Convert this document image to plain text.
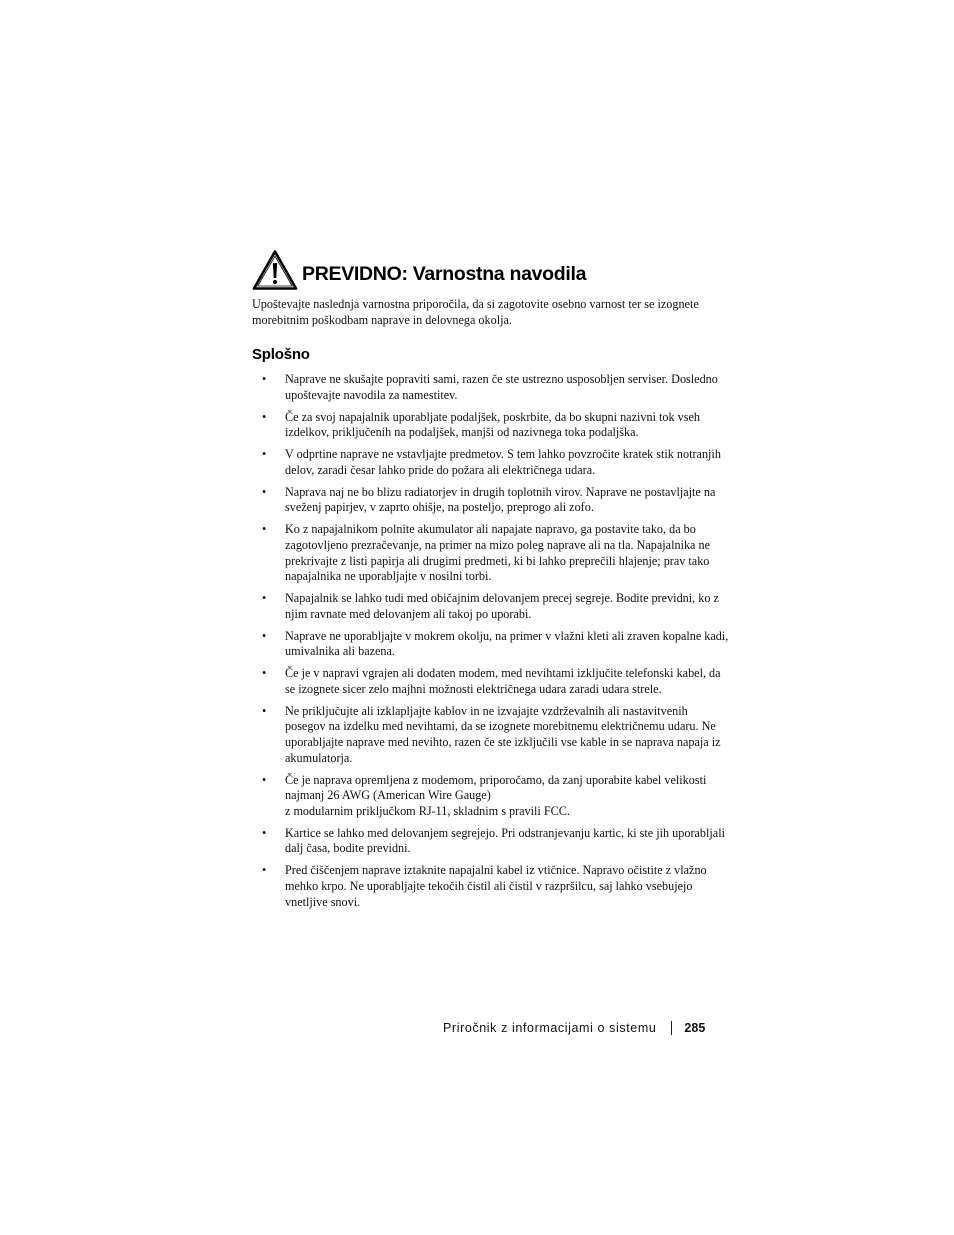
PREVIDNO: Varnostna navodila

Upoštevajte naslednja varnostna priporočila, da si zagotovite osebno varnost ter se izognete morebitnim poškodbam naprave in delovnega okolja.

Splošno
• Naprave ne skušajte popraviti sami, razen če ste ustrezno usposobljen serviser. Dosledno upoštevajte navodila za namestitev.
• Če za svoj napajalnik uporabljate podaljšek, poskrbite, da bo skupni nazivni tok vseh izdelkov, priključenih na podaljšek, manjši od nazivnega toka podaljška.
• V odprtine naprave ne vstavljajte predmetov. S tem lahko povzročite kratek stik notranjih delov, zaradi česar lahko pride do požara ali električnega udara.
• Naprava naj ne bo blizu radiatorjev in drugih toplotnih virov. Naprave ne postavljajte na sveženj papirjev, v zaprto ohišje, na posteljo, preprogo ali zofo.
• Ko z napajalnikom polnite akumulator ali napajate napravo, ga postavite tako, da bo zagotovljeno prezračevanje, na primer na mizo poleg naprave ali na tla. Napajalnika ne prekrivajte z listi papirja ali drugimi predmeti, ki bi lahko preprečili hlajenje; prav tako napajalnika ne uporabljajte v nosilni torbi.
• Napajalnik se lahko tudi med običajnim delovanjem precej segreje. Bodite previdni, ko z njim ravnate med delovanjem ali takoj po uporabi.
• Naprave ne uporabljajte v mokrem okolju, na primer v vlažni kleti ali zraven kopalne kadi, umivalnika ali bazena.
• Če je v napravi vgrajen ali dodaten modem, med nevihtami izključite telefonski kabel, da se izognete sicer zelo majhni možnosti električnega udara zaradi udara strele.
• Ne priključujte ali izklapljajte kablov in ne izvajajte vzdrževalnih ali nastavitvenih posegov na izdelku med nevihtami, da se izognete morebitnemu električnemu udaru. Ne uporabljajte naprave med nevihto, razen če ste izključili vse kable in se naprava napaja iz akumulatorja.
• Če je naprava opremljena z modemom, priporočamo, da zanj uporabite kabel velikosti najmanj 26 AWG (American Wire Gauge)
z modularnim priključkom RJ-11, skladnim s pravili FCC.
• Kartice se lahko med delovanjem segrejejo. Pri odstranjevanju kartic, ki ste jih uporabljali dalj časa, bodite previdni.
• Pred čiščenjem naprave iztaknite napajalni kabel iz vtičnice. Napravo očistite z vlažno mehko krpo. Ne uporabljajte tekočih čistil ali čistil v razpršilcu, saj lahko vsebujejo vnetljive snovi.
Priročnik z informacijami o sistemu 285
